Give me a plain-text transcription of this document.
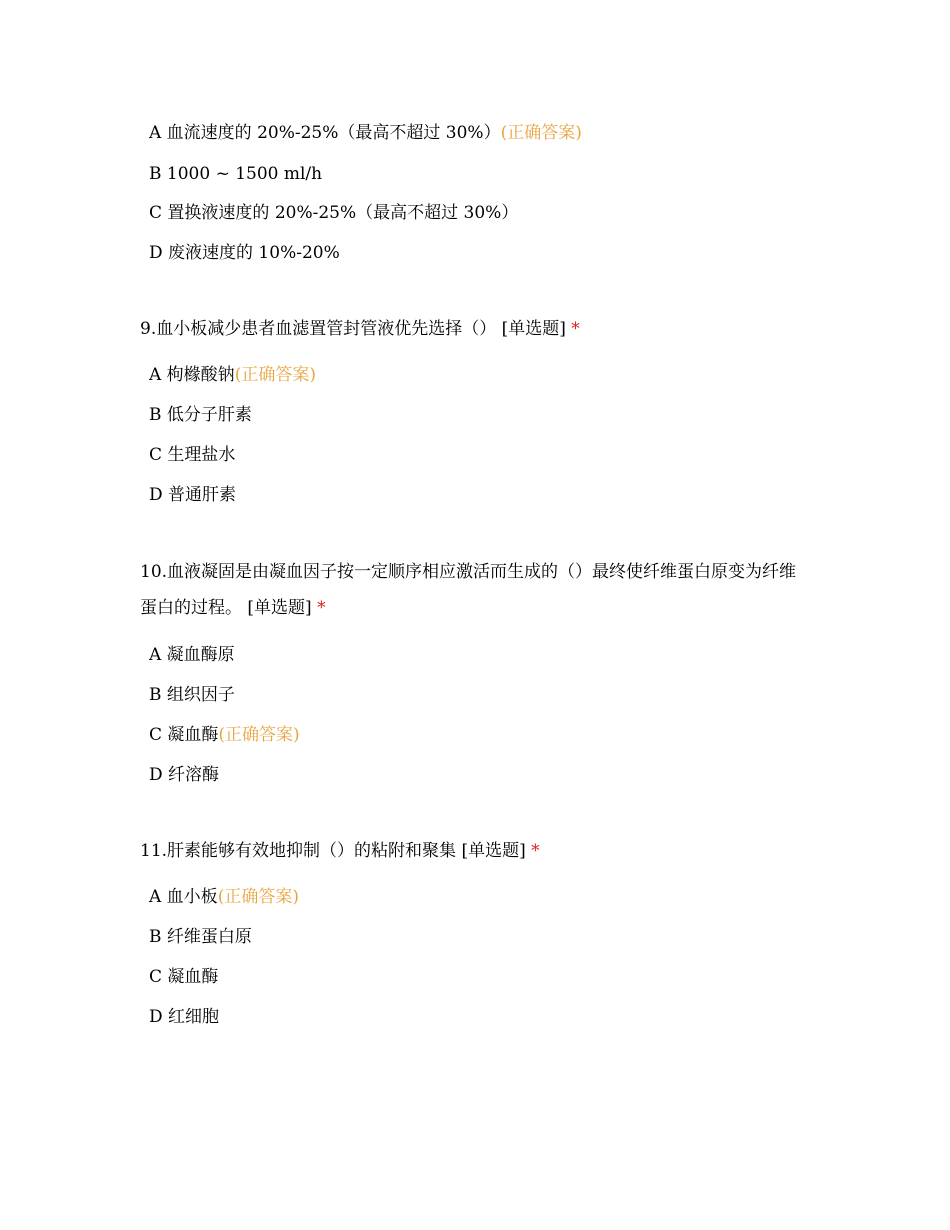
A 血流速度的 20%-25%（最高不超过 30%）(正确答案)
B 1000 ~ 1500 ml/h
C 置换液速度的 20%-25%（最高不超过 30%）
D 废液速度的 10%-20%
9.血小板减少患者血滤置管封管液优先选择（） [单选题] *
A 枸橼酸钠(正确答案)
B 低分子肝素
C 生理盐水
D 普通肝素
10.血液凝固是由凝血因子按一定顺序相应激活而生成的（）最终使纤维蛋白原变为纤维蛋白的过程。 [单选题] *
A 凝血酶原
B 组织因子
C 凝血酶(正确答案)
D 纤溶酶
11.肝素能够有效地抑制（）的粘附和聚集 [单选题] *
A 血小板(正确答案)
B 纤维蛋白原
C 凝血酶
D 红细胞
